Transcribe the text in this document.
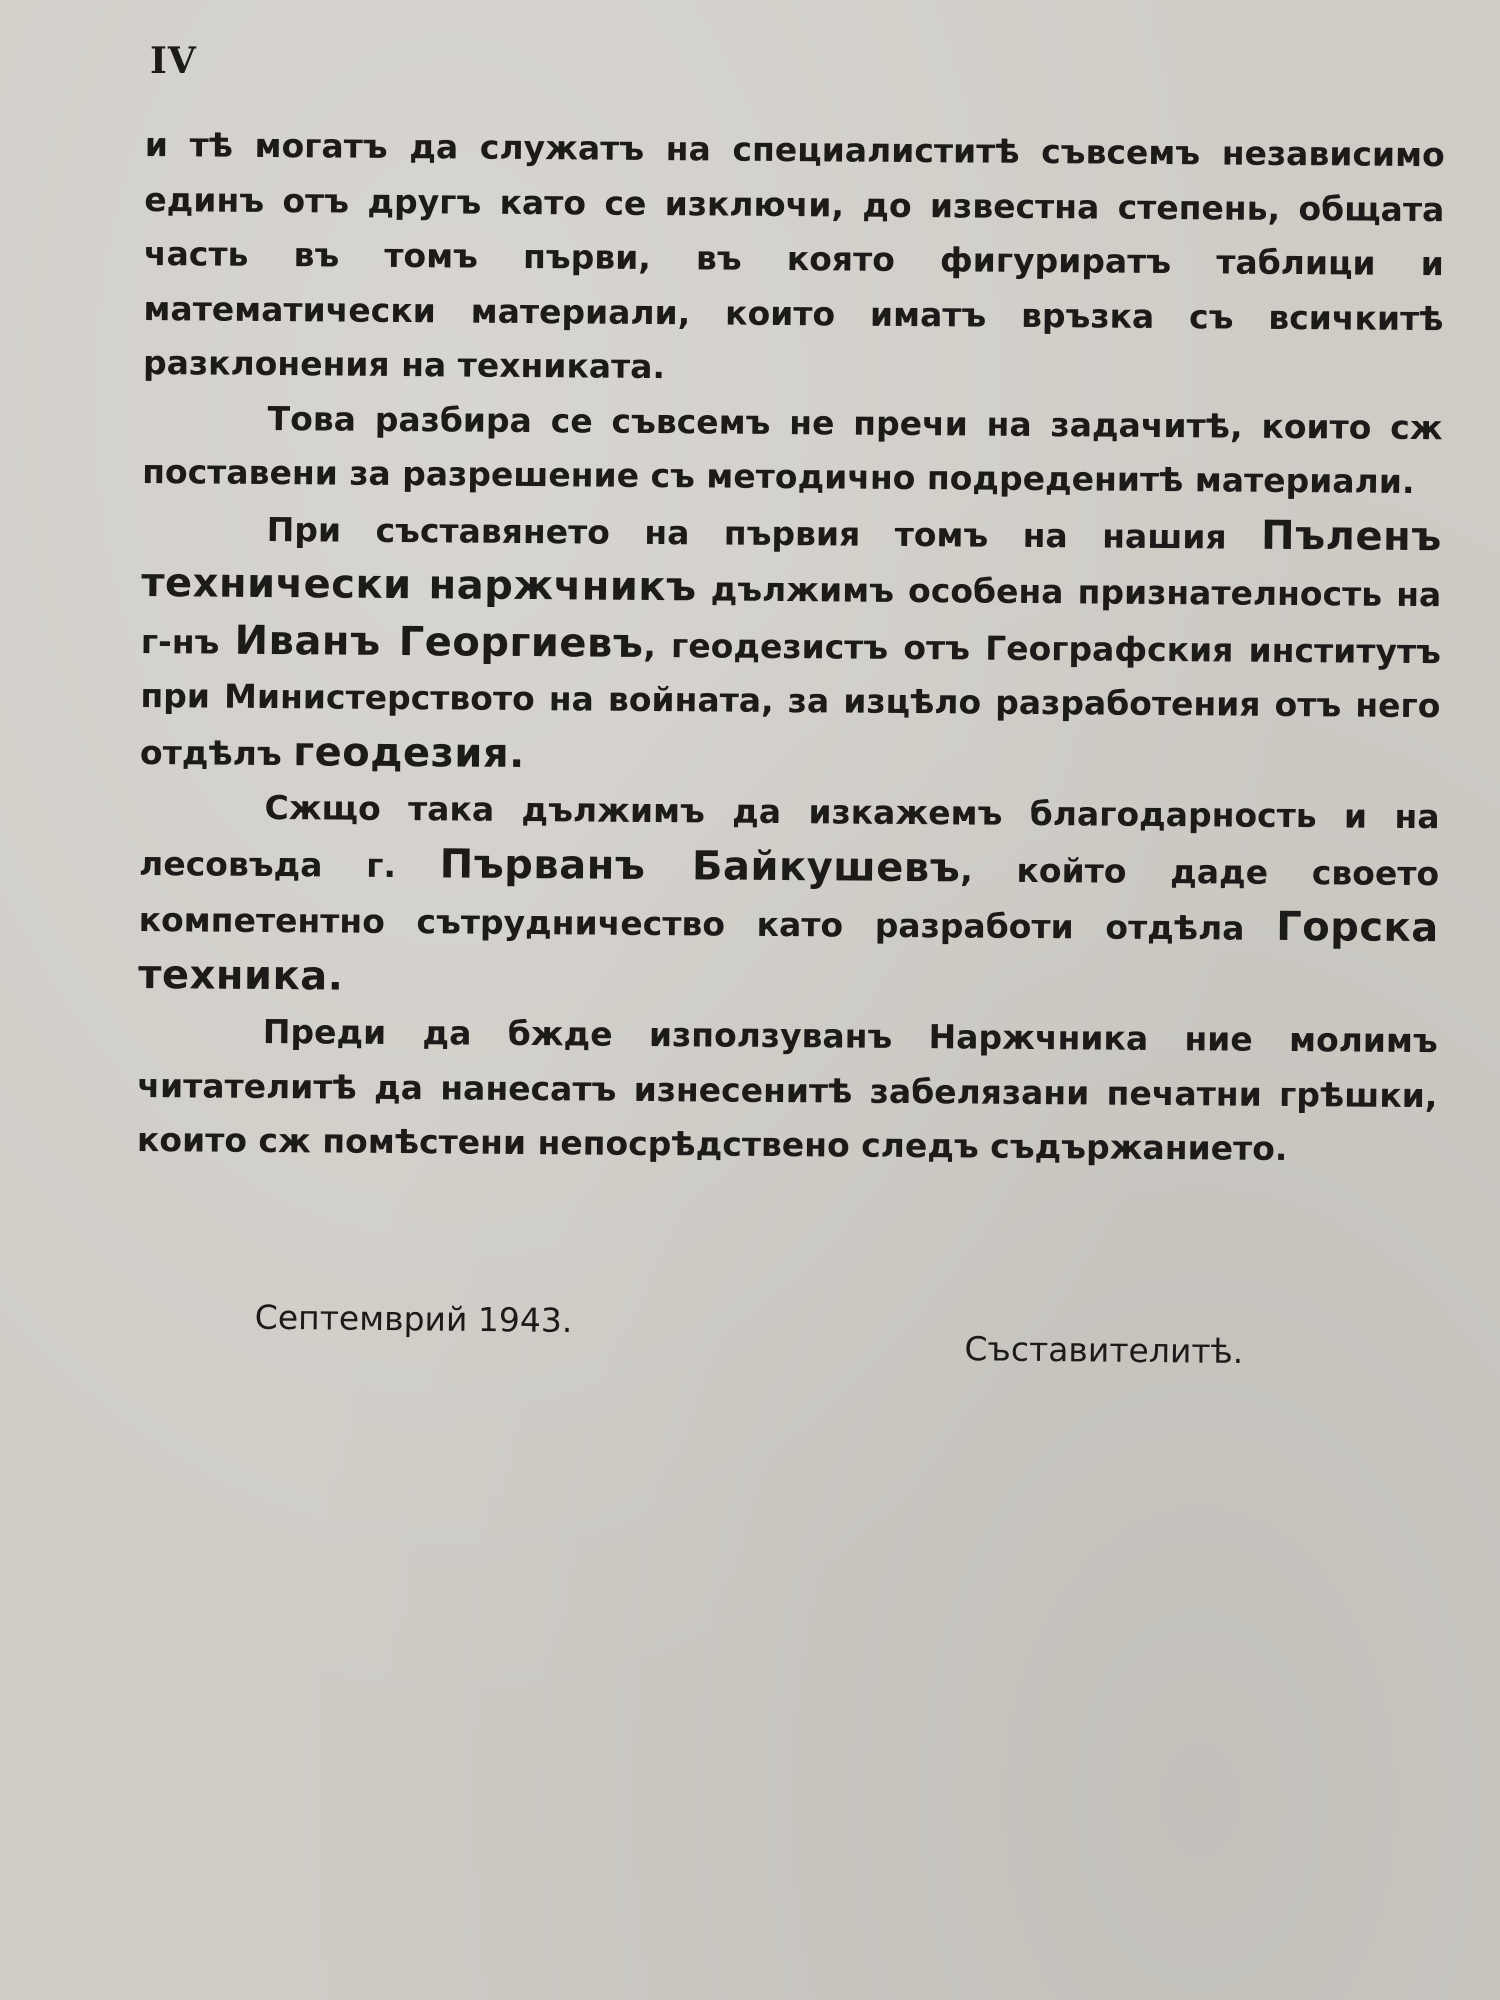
IV

и тѣ могатъ да служатъ на специалиститѣ съвсемъ независимо единъ отъ другъ като се изключи, до известна степень, общата часть въ томъ първи, въ която фигуриратъ таблици и математически материали, които иматъ връзка съ всичкитѣ разклонения на техниката.

Това разбира се съвсемъ не пречи на задачитѣ, които сж поставени за разрешение съ методично подреденитѣ материали.

При съставянето на първия томъ на нашия Пъленъ технически наржчникъ дължимъ особена признателность на г-нъ Иванъ Георгиевъ, геодезистъ отъ Географския институтъ при Министерството на войната, за изцѣло разработения отъ него отдѣлъ геодезия.

Сжщо така дължимъ да изкажемъ благодарность и на лесовъда г. Първанъ Байкушевъ, който даде своето компетентно сътрудничество като разработи отдѣла Горска техника.

Преди да бжде използуванъ Наржчника ние молимъ читателитѣ да нанесатъ изнесенитѣ забелязани печатни грѣшки, които сж помѣстени непосрѣдствено следъ съдържанието.

Септемврий 1943.
Съставителитѣ.
